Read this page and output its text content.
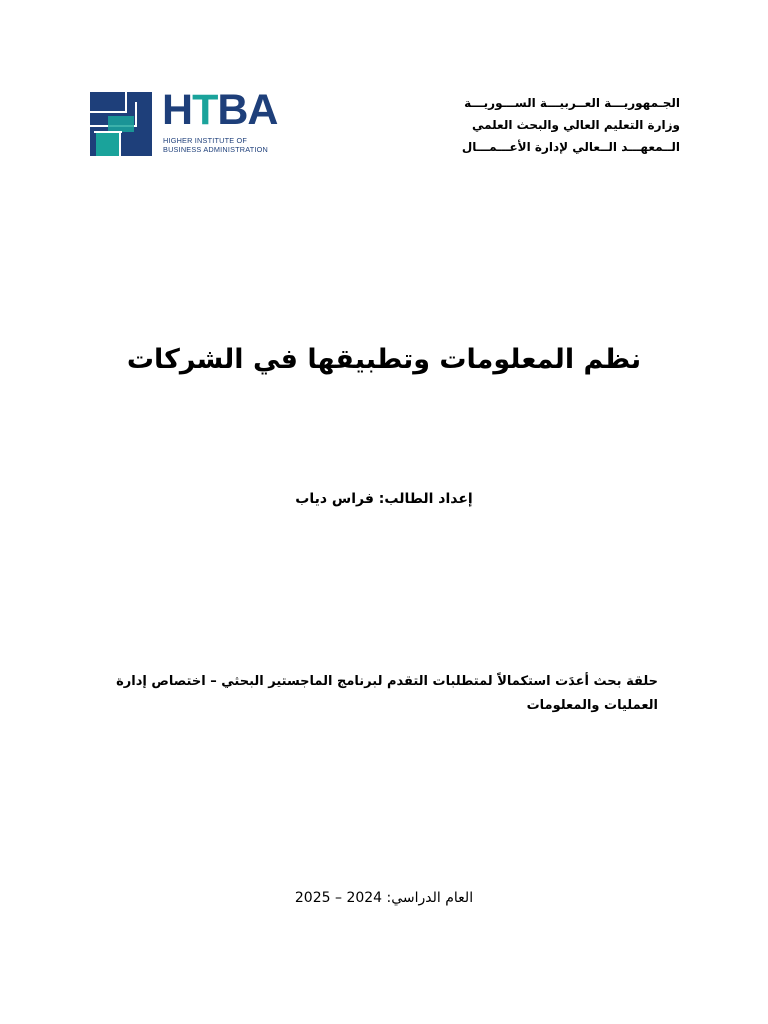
HTBA
HIGHER INSTITUTE OF
BUSINESS ADMINISTRATION
الجـمهوريـــة العــربيـــة الســـوريـــة
وزارة التعليم العالي والبحث العلمي
الــمعهـــد الــعالي لإدارة الأعـــمـــال
نظم المعلومات وتطبيقها في الشركات
إعداد الطالب: فراس دياب
حلقة بحث أعدَت استكمالاً لمتطلبات التقدم لبرنامج الماجستير البحثي – اختصاص إدارة العمليات والمعلومات
العام الدراسي: 2024 – 2025
